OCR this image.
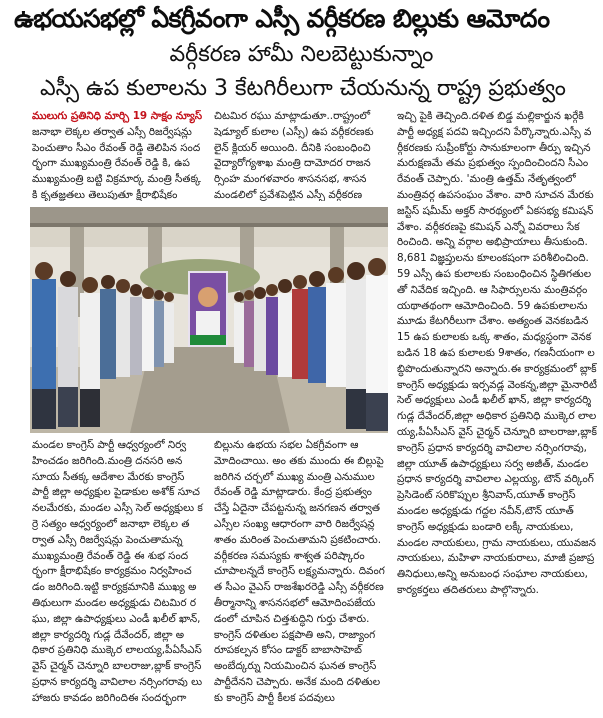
ఉభయసభల్లో ఏకగ్రీవంగా ఎస్సీ వర్గీకరణ బిల్లుకు ఆమోదం
వర్గీకరణ హామీ నిలబెట్టుకున్నాం
ఎస్సీ ఉప కులాలను 3 కేటగిరీలుగా చేయనున్న రాష్ట్ర ప్రభుత్వం
ములుగు ప్రతినిధి మార్చి 19 సాక్షం న్యూస్ జనాభా లెక్కల తర్వాత ఎస్సీ రిజర్వేషన్లు పెంచుతాం సీఎం రేవంత్ రెడ్డి తెలిపిన సందర్భంగా ముఖ్యమంత్రి రేవంత్ రెడ్డి కి, ఉప ముఖ్యమంత్రి బట్టి విక్రమార్క మంత్రి సీతక్క కి కృతజ్ఞతలు తెలుపుతూ క్షీరాభిషేకం
చిటమిర రఘు మాట్లాడుతూ..రాష్ట్రంలో షెడ్యూల్ కులాల (ఎస్సీ) ఉప వర్గీకరణకు లైన్ క్లియర్ అయింది. దీనికి సంబంధించి వైద్యారోగ్యశాఖ మంత్రి దామోదర రాజనర్సింహ మంగళవారం శాసనసభ, శాసనమండలిలో ప్రవేశపెట్టిన ఎస్సీ వర్గీకరణ
ఇచ్చి పైకి తెచ్చింది.దళిత బిడ్డ మల్లికార్జున ఖర్గేకి పార్టీ అధ్యక్ష పదవి ఇచ్చిందని పేర్కొన్నారు.ఎస్సీ వర్గీకరణకు సుప్రీంకోర్టు సానుకూలంగా తీర్పు ఇచ్చిన మరుక్షణమే తమ ప్రభుత్వం స్పందించిందని సీఎం రేవంత్ చెప్పారు. 'మంత్రి ఉత్తమ్ నేతృత్వంలో మంత్రివర్గ ఉపసంఘం వేశాం. వారి సూచన మేరకు జస్టిస్ షమీమ్ అక్తర్ సారథ్యంలో ఏకసభ్య కమిషన్ వేశాం. వర్గీకరణపై కమిషన్ ఎన్నో వివరాలు సేకరించింది. అన్ని వర్గాల అభిప్రాయాలు తీసుకుంది. 8,681 విజ్ఞప్తులను కూలంకషంగా పరిశీలించింది. 59 ఎస్సీ ఉప కులాలకు సంబంధించిన స్థితిగతులతో నివేదిక ఇచ్చింది. ఆ సిఫార్సులను మంత్రివర్గం యథాతథంగా ఆమోదించింది. 59 ఉపకులాలను మూడు కేటగిరీలుగా చేశాం. అత్యంత వెనకబడిన 15 ఉప కులాలకు ఒక్క శాతం, మధ్యస్థంగా వెనకబడిన 18 ఉప కులాలకు 9శాతం, గణనీయంగా లబ్ధిపొందుతున్నారని అన్నారు.ఈ కార్యక్రమంలో బ్లాక్ కాంగ్రెస్ అధ్యక్షుడు ఇర్సవడ్ల వెంకన్న,జిల్లా మైనారిటీ సెల్ అధ్యక్షులు ఎండీ ఖలీల్ ఖాన్, జిల్లా కార్యదర్శి గుడ్ల దేవేందర్,జిల్లా అధికార ప్రతినిధి ముక్కెర లాలయ్య,పీఏసీఎస్ వైస్ చైర్మన్ చెన్నూరి బాలరాజు,బ్లాక్ కాంగ్రెస్ ప్రధాన కార్యదర్శి వావిలాల నర్సింగరావు,జిల్లా యూత్ ఉపాధ్యక్షులు సర్వ అజీత్, మండల ప్రధాన కార్యదర్శి వావిలాల ఎల్లయ్య, టౌన్ వర్కింగ్ ప్రెసిడెంట్ సరికొప్పుల శ్రీనివాస్,యూత్ కాంగ్రెస్ మండల అధ్యక్షుడు గద్దల నవీన్,టౌన్ యూత్ కాంగ్రెస్ అధ్యక్షుడు బండారి లక్కీ నాయకులు, మండల నాయకులు, గ్రామ నాయకులు, యువజన నాయకులు, మహిళా నాయకురాలు, మాజీ ప్రజాప్రతినిధులు,అన్ని అనుబంధ సంఘాల నాయకులు, కార్యకర్తలు తదితరులు పాల్గొన్నారు.
మండల కాంగ్రెస్ పార్టీ ఆధ్వర్యంలో నిర్వహించడం జరిగింది.మంత్రి దనసరి అనసూయ సీతక్క ఆదేశాల మేరకు కాంగ్రెస్ పార్టీ జిల్లా అధ్యక్షుల పైడాకుల అశోక్ సూచనలమేరకు, మండల ఎస్సీ సెల్ అధ్యక్షులు కర్రె సత్యం ఆధ్వర్యంలో జనాభా లెక్కల తర్వాత ఎస్సీ రిజర్వేషన్లు పెంచుతామన్న ముఖ్యమంత్రి రేవంత్ రెడ్డి ఈ శుభ సందర్భంగా క్షీరాభిషేకం కార్యక్రమం నిర్వహించడం జరిగింది.ఇట్టి కార్యక్రమానికి ముఖ్య అతిథులుగా మండల అధ్యక్షుడు చిటమిర రఘు, జిల్లా ఉపాధ్యక్షులు ఎండీ ఖలీల్ ఖాన్, జిల్లా కార్యదర్శి గుడ్ల దేవేందర్, జిల్లా అధికార ప్రతినిధి ముక్కెర లాలయ్య,పీఏసీఎస్ వైస్ చైర్మన్ చెన్నూరి బాలరాజు,బ్లాక్ కాంగ్రెస్ ప్రధాన కార్యదర్శి వావిలాల నర్సింగరావు లు హాజరు కావడం జరిగిందిఈ సందర్భంగా
బిల్లును ఉభయ సభల ఏకగ్రీవంగా ఆమోదించాయి. అం తకు ముందు ఈ బిల్లుపై జరిగిన చర్చలో ముఖ్య మంత్రి ఎనుముల రేవంత్ రెడ్డి మాట్లాడారు. కేంద్ర ప్రభుత్వం చేస్తే ఏదైనా చేపట్టనున్న జనగణన తర్వాత ఎస్సీల సంఖ్య ఆధారంగా వారి రిజర్వేషన్ల శాతం మరింత పెంచుతామని ప్రకటించారు. వర్గీకరణ సమస్యకు శాశ్వత పరిష్కారం చూపాలన్నదే కాంగ్రెస్ లక్ష్యమన్నారు. దివంగత సీఎం వైఎస్ రాజశేఖరరెడ్డి ఎస్సీ వర్గీకరణ తీర్మానాన్ని శాసనసభలో ఆమోదింపజేయడంలో చూపిన చిత్తశుద్ధిని గుర్తు చేశారు. కాంగ్రెస్ దళితుల పక్షపాతి అని, రాజ్యాంగ రూపకల్పన కోసం డాక్టర్ బాబాసాహెబ్ అంబేద్కర్ను నియమించిన ఘనత కాంగ్రెస్ పార్టీదేనని చెప్పారు. అనేక మంది దళితులకు కాంగ్రెస్ పార్టీ కీలక పదవులు
